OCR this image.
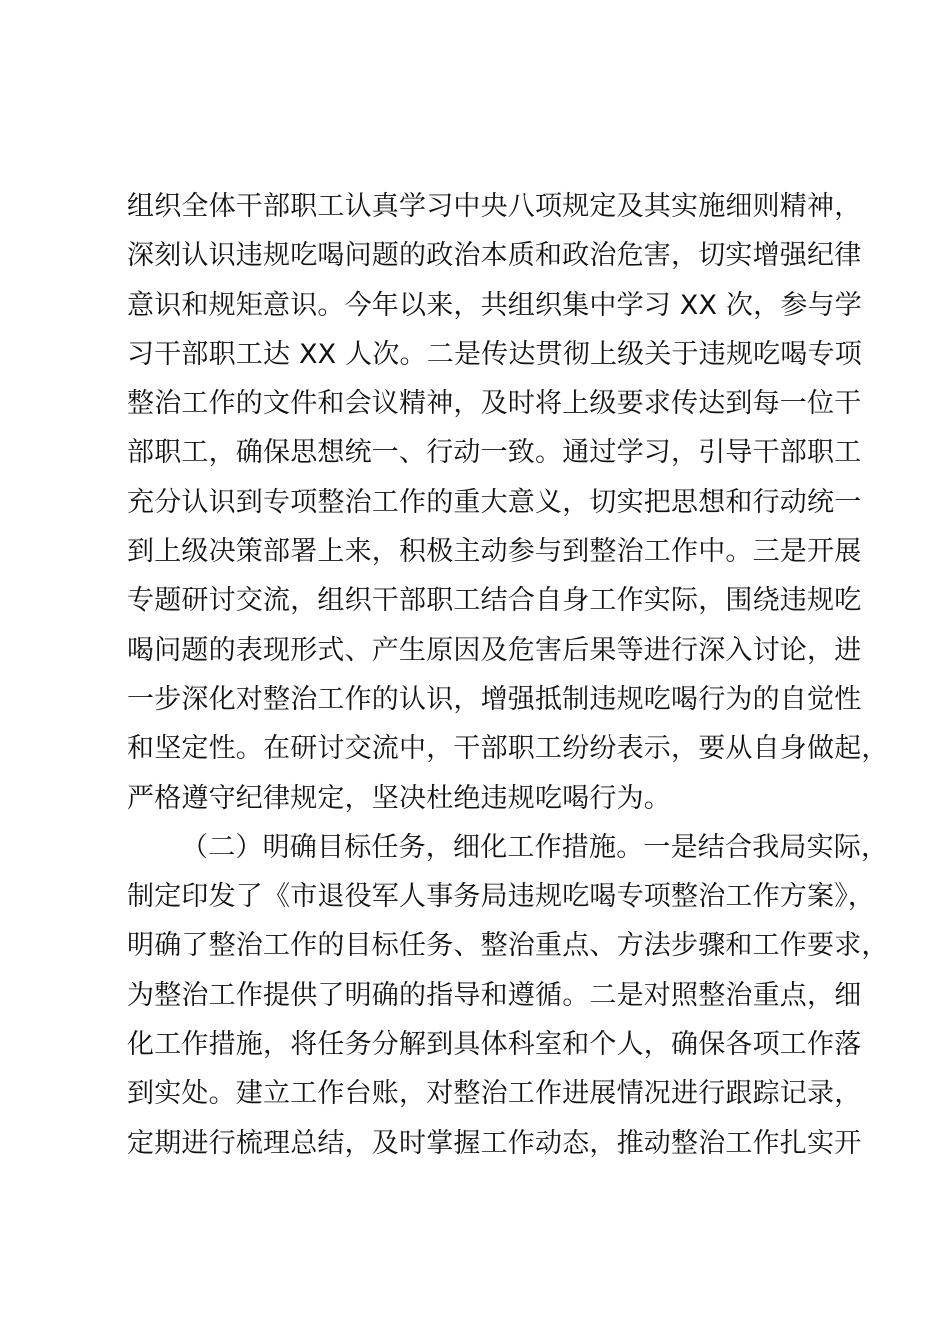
组织全体干部职工认真学习中央八项规定及其实施细则精神，
深刻认识违规吃喝问题的政治本质和政治危害，切实增强纪律
意识和规矩意识。今年以来，共组织集中学习 XX 次，参与学
习干部职工达 XX 人次。二是传达贯彻上级关于违规吃喝专项
整治工作的文件和会议精神，及时将上级要求传达到每一位干
部职工，确保思想统一、行动一致。通过学习，引导干部职工
充分认识到专项整治工作的重大意义，切实把思想和行动统一
到上级决策部署上来，积极主动参与到整治工作中。三是开展
专题研讨交流，组织干部职工结合自身工作实际，围绕违规吃
喝问题的表现形式、产生原因及危害后果等进行深入讨论，进
一步深化对整治工作的认识，增强抵制违规吃喝行为的自觉性
和坚定性。在研讨交流中，干部职工纷纷表示，要从自身做起，
严格遵守纪律规定，坚决杜绝违规吃喝行为。
（二）明确目标任务，细化工作措施。一是结合我局实际，
制定印发了《市退役军人事务局违规吃喝专项整治工作方案》，
明确了整治工作的目标任务、整治重点、方法步骤和工作要求，
为整治工作提供了明确的指导和遵循。二是对照整治重点，细
化工作措施，将任务分解到具体科室和个人，确保各项工作落
到实处。建立工作台账，对整治工作进展情况进行跟踪记录，
定期进行梳理总结，及时掌握工作动态，推动整治工作扎实开
